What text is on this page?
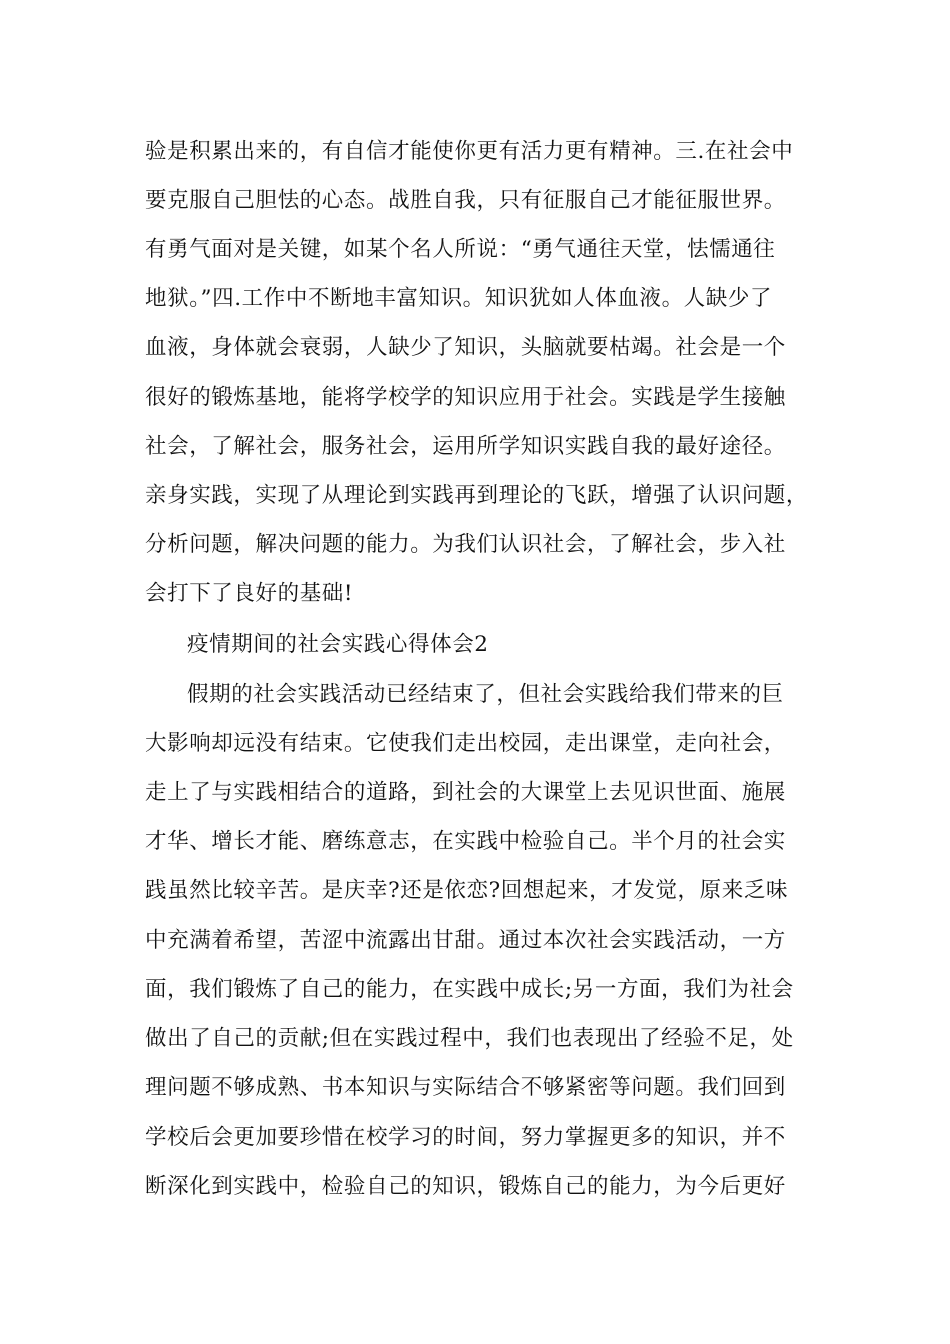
验是积累出来的，有自信才能使你更有活力更有精神。三.在社会中
要克服自己胆怯的心态。战胜自我，只有征服自己才能征服世界。
有勇气面对是关键，如某个名人所说：“勇气通往天堂，怯懦通往
地狱。”四.工作中不断地丰富知识。知识犹如人体血液。人缺少了
血液，身体就会衰弱，人缺少了知识，头脑就要枯竭。社会是一个
很好的锻炼基地，能将学校学的知识应用于社会。实践是学生接触
社会，了解社会，服务社会，运用所学知识实践自我的最好途径。
亲身实践，实现了从理论到实践再到理论的飞跃，增强了认识问题，
分析问题，解决问题的能力。为我们认识社会，了解社会，步入社
会打下了良好的基础!
疫情期间的社会实践心得体会2
假期的社会实践活动已经结束了，但社会实践给我们带来的巨
大影响却远没有结束。它使我们走出校园，走出课堂，走向社会，
走上了与实践相结合的道路，到社会的大课堂上去见识世面、施展
才华、增长才能、磨练意志，在实践中检验自己。半个月的社会实
践虽然比较辛苦。是庆幸?还是依恋?回想起来，才发觉，原来乏味
中充满着希望，苦涩中流露出甘甜。通过本次社会实践活动，一方
面，我们锻炼了自己的能力，在实践中成长;另一方面，我们为社会
做出了自己的贡献;但在实践过程中，我们也表现出了经验不足，处
理问题不够成熟、书本知识与实际结合不够紧密等问题。我们回到
学校后会更加要珍惜在校学习的时间，努力掌握更多的知识，并不
断深化到实践中，检验自己的知识，锻炼自己的能力，为今后更好
